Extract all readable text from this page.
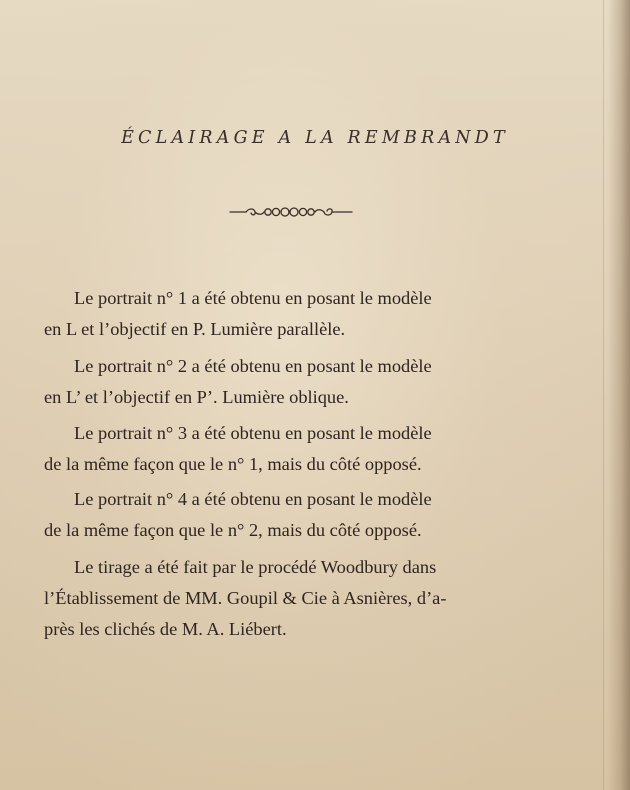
ÉCLAIRAGE A LA REMBRANDT
Le portrait n° 1 a été obtenu en posant le modèle
en L et l’objectif en P. Lumière parallèle.
Le portrait n° 2 a été obtenu en posant le modèle
en L’ et l’objectif en P’. Lumière oblique.
Le portrait n° 3 a été obtenu en posant le modèle
de la même façon que le n° 1, mais du côté opposé.
Le portrait n° 4 a été obtenu en posant le modèle
de la même façon que le n° 2, mais du côté opposé.
Le tirage a été fait par le procédé Woodbury dans
l’Établissement de MM. Goupil & Cie à Asnières, d’a-
près les clichés de M. A. Liébert.
